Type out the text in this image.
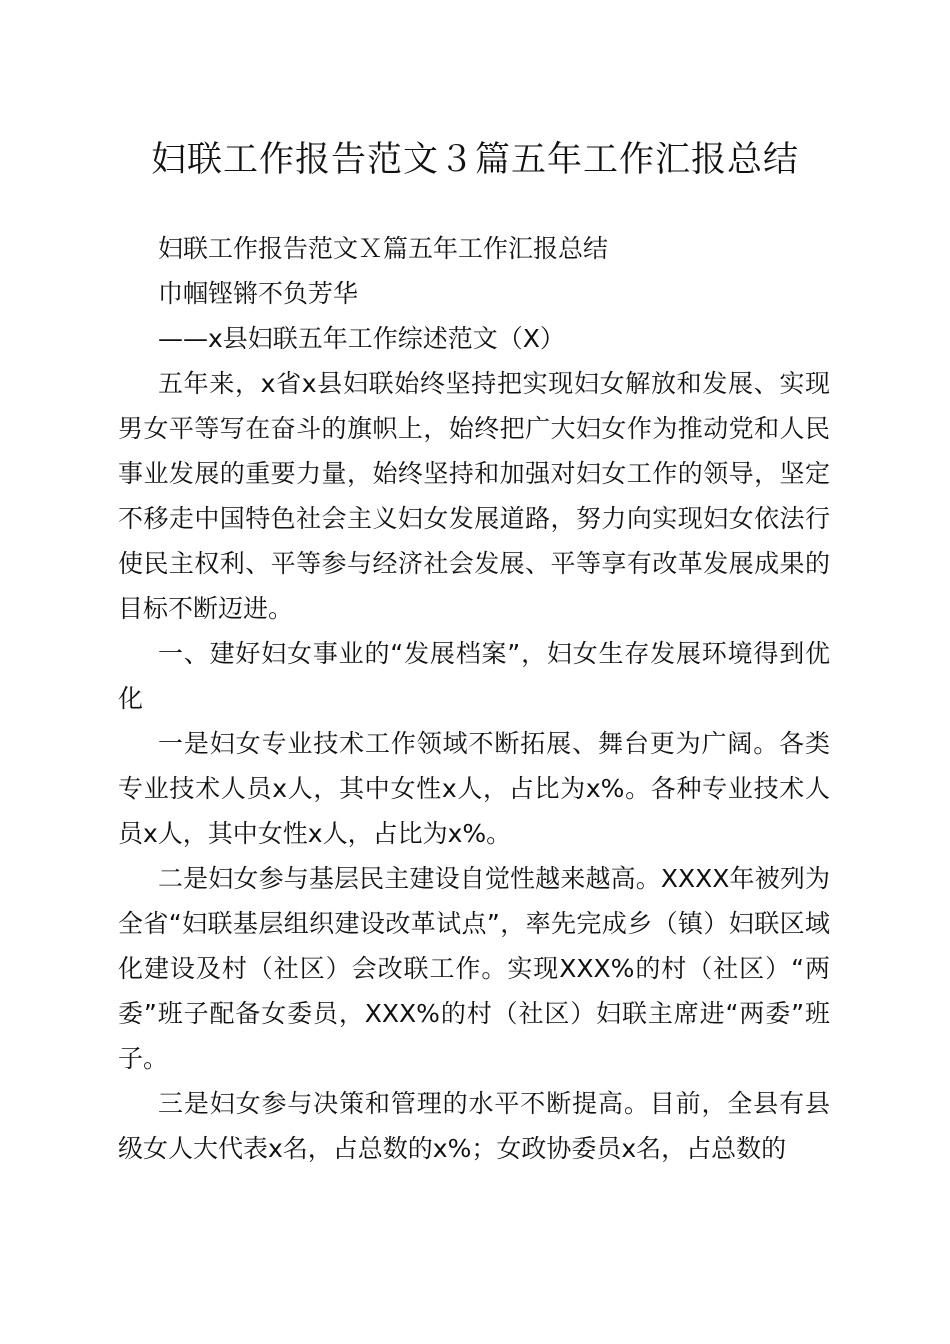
妇联工作报告范文３篇五年工作汇报总结

妇联工作报告范文Ｘ篇五年工作汇报总结

巾帼铿锵不负芳华

——x县妇联五年工作综述范文（X）

五年来，x省x县妇联始终坚持把实现妇女解放和发展、实现男女平等写在奋斗的旗帜上，始终把广大妇女作为推动党和人民事业发展的重要力量，始终坚持和加强对妇女工作的领导，坚定不移走中国特色社会主义妇女发展道路，努力向实现妇女依法行使民主权利、平等参与经济社会发展、平等享有改革发展成果的目标不断迈进。

一、建好妇女事业的“发展档案”，妇女生存发展环境得到优化

一是妇女专业技术工作领域不断拓展、舞台更为广阔。各类专业技术人员x人，其中女性x人，占比为x%。各种专业技术人员x人，其中女性x人，占比为x%。

二是妇女参与基层民主建设自觉性越来越高。XXXX年被列为全省“妇联基层组织建设改革试点”，率先完成乡（镇）妇联区域化建设及村（社区）会改联工作。实现XXX%的村（社区）“两委”班子配备女委员，XXX%的村（社区）妇联主席进“两委”班子。

三是妇女参与决策和管理的水平不断提高。目前，全县有县级女人大代表x名，占总数的x%；女政协委员x名，占总数的
